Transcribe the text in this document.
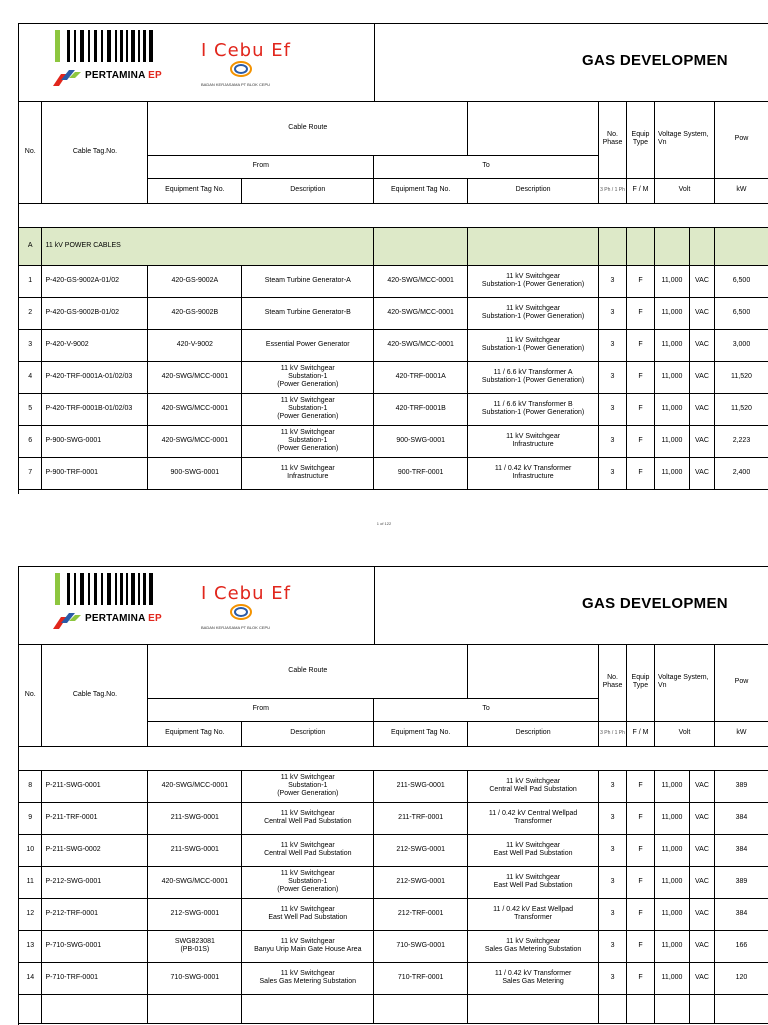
PERTAMINA EP
I Cebu Ef
BADAN KERJASAMA PT BLOK CEPU
GAS DEVELOPMEN
No.	Cable Tag.No.	Cable Route				No. Phase	Equip Type	Voltage System, Vn		Pow
		From		To						
		Equipment Tag No.	Description	Equipment Tag No.	Description	3 Ph / 1 Ph	F / M	Volt		kW

A	11 kV POWER CABLES									
1	P-420-GS-9002A-01/02	420-GS-9002A	Steam Turbine Generator-A	420-SWG/MCC-0001	11 kV Switchgear
Substation-1 (Power Generation)	3	F	11,000	VAC	6,500
2	P-420-GS-9002B-01/02	420-GS-9002B	Steam Turbine Generator-B	420-SWG/MCC-0001	11 kV Switchgear
Substation-1 (Power Generation)	3	F	11,000	VAC	6,500
3	P-420-V-9002	420-V-9002	Essential Power Generator	420-SWG/MCC-0001	11 kV Switchgear
Substation-1 (Power Generation)	3	F	11,000	VAC	3,000
4	P-420-TRF-0001A-01/02/03	420-SWG/MCC-0001	11 kV Switchgear
Substation-1
(Power Generation)	420-TRF-0001A	11 / 6.6 kV Transformer A
Substation-1 (Power Generation)	3	F	11,000	VAC	11,520
5	P-420-TRF-0001B-01/02/03	420-SWG/MCC-0001	11 kV Switchgear
Substation-1
(Power Generation)	420-TRF-0001B	11 / 6.6 kV Transformer B
Substation-1 (Power Generation)	3	F	11,000	VAC	11,520
6	P-900-SWG-0001	420-SWG/MCC-0001	11 kV Switchgear
Substation-1
(Power Generation)	900-SWG-0001	11 kV Switchgear
Infrastructure	3	F	11,000	VAC	2,223
7	P-900-TRF-0001	900-SWG-0001	11 kV Switchgear
Infrastructure	900-TRF-0001	11 / 0.42 kV Transformer
Infrastructure	3	F	11,000	VAC	2,400
1 of 122
PERTAMINA EP
I Cebu Ef
BADAN KERJASAMA PT BLOK CEPU
GAS DEVELOPMEN
No.	Cable Tag.No.	Cable Route				No. Phase	Equip Type	Voltage System, Vn		Pow
		From		To						
		Equipment Tag No.	Description	Equipment Tag No.	Description	3 Ph / 1 Ph	F / M	Volt		kW

8	P-211-SWG-0001	420-SWG/MCC-0001	11 kV Switchgear
Substation-1
(Power Generation)	211-SWG-0001	11 kV Switchgear
Central Well Pad Substation	3	F	11,000	VAC	389
9	P-211-TRF-0001	211-SWG-0001	11 kV Switchgear
Central Well Pad Substation	211-TRF-0001	11 / 0.42 kV Central Wellpad
Transformer	3	F	11,000	VAC	384
10	P-211-SWG-0002	211-SWG-0001	11 kV Switchgear
Central Well Pad Substation	212-SWG-0001	11 kV Switchgear
East Well Pad Substation	3	F	11,000	VAC	384
11	P-212-SWG-0001	420-SWG/MCC-0001	11 kV Switchgear
Substation-1
(Power Generation)	212-SWG-0001	11 kV Switchgear
East Well Pad Substation	3	F	11,000	VAC	389
12	P-212-TRF-0001	212-SWG-0001	11 kV Switchgear
East Well Pad Substation	212-TRF-0001	11 / 0.42 kV East Wellpad
Transformer	3	F	11,000	VAC	384
13	P-710-SWG-0001	SWG823081
(PB-01S)	11 kV Switchgear
Banyu Urip Main Gate House Area	710-SWG-0001	11 kV Switchgear
Sales Gas Metering Substation	3	F	11,000	VAC	166
14	P-710-TRF-0001	710-SWG-0001	11 kV Switchgear
Sales Gas Metering Substation	710-TRF-0001	11 / 0.42 kV Transformer
Sales Gas Metering	3	F	11,000	VAC	120
